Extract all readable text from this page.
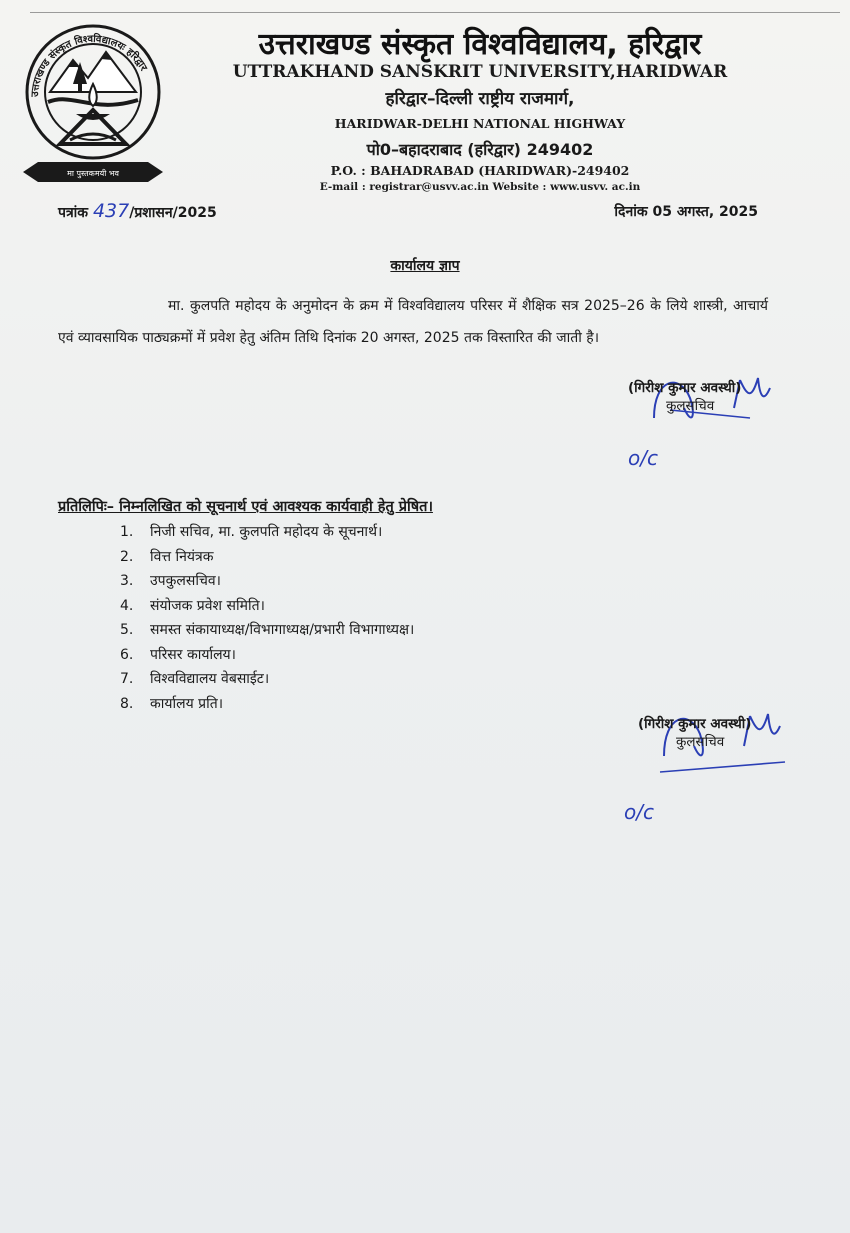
उत्तराखण्ड संस्कृत विश्वविद्यालयः हरिद्वार
मा पुस्तकमयी भव
उत्तराखण्ड संस्कृत विश्वविद्यालय, हरिद्वार
UTTRAKHAND SANSKRIT UNIVERSITY,HARIDWAR
हरिद्वार–दिल्ली राष्ट्रीय राजमार्ग,
HARIDWAR-DELHI NATIONAL HIGHWAY
पो0–बहादराबाद (हरिद्वार) 249402
P.O. : BAHADRABAD (HARIDWAR)-249402
E-mail : registrar@usvv.ac.in Website : www.usvv. ac.in
पत्रांक 437/प्रशासन/2025	दिनांक 05 अगस्त, 2025
कार्यालय ज्ञाप
मा. कुलपति महोदय के अनुमोदन के क्रम में विश्वविद्यालय परिसर में शैक्षिक सत्र 2025–26 के लिये शास्त्री, आचार्य एवं व्यावसायिक पाठ्यक्रमों में प्रवेश हेतु अंतिम तिथि दिनांक 20 अगस्त, 2025 तक विस्तारित की जाती है।
(गिरीश कुमार अवस्थी)
कुलसचिव
o/c
प्रतिलिपिः– निम्नलिखित को सूचनार्थ एवं आवश्यक कार्यवाही हेतु प्रेषित।
1.	निजी सचिव, मा. कुलपति महोदय के सूचनार्थ।
2.	वित्त नियंत्रक
3.	उपकुलसचिव।
4.	संयोजक प्रवेश समिति।
5.	समस्त संकायाध्यक्ष/विभागाध्यक्ष/प्रभारी विभागाध्यक्ष।
6.	परिसर कार्यालय।
7.	विश्वविद्यालय वेबसाईट।
8.	कार्यालय प्रति।
(गिरीश कुमार अवस्थी)
कुलसचिव
o/c
